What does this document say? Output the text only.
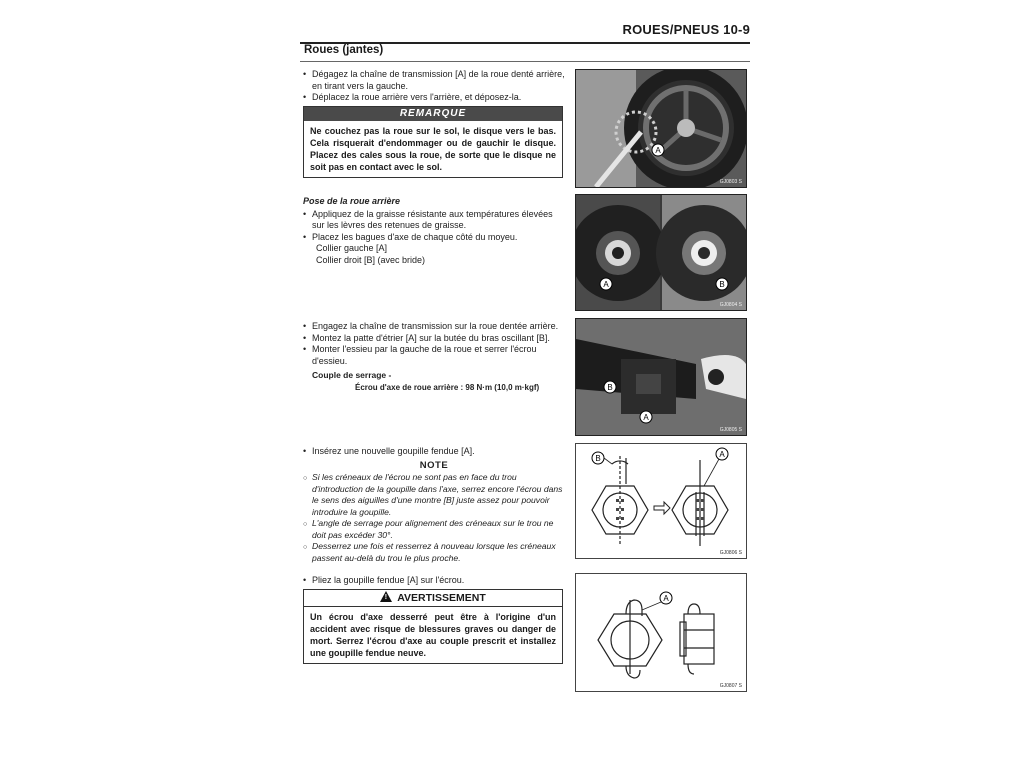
ROUES/PNEUS 10-9
Roues (jantes)
• Dégagez la chaîne de transmission [A] de la roue denté arrière, en tirant vers la gauche.
• Déplacez la roue arrière vers l'arrière, et déposez-la.
REMARQUE
Ne couchez pas la roue sur le sol, le disque vers le bas. Cela risquerait d'endommager ou de gauchir le disque. Placez des cales sous la roue, de sorte que le disque ne soit pas en contact avec le sol.
A
GJ0803 S
Pose de la roue arrière
• Appliquez de la graisse résistante aux températures élevées sur les lèvres des retenues de graisse.
• Placez les bagues d'axe de chaque côté du moyeu.
Collier gauche [A]
Collier droit [B] (avec bride)
A	B
GJ0804 S
• Engagez la chaîne de transmission sur la roue dentée arrière.
• Montez la patte d'étrier [A] sur la butée du bras oscillant [B].
• Monter l'essieu par la gauche de la roue et serrer l'écrou d'essieu.
Couple de serrage -
Écrou d'axe de roue arrière : 98 N·m (10,0 m·kgf)	B
A
GJ0805 S
• Insérez une nouvelle goupille fendue [A].
NOTE
○ Si les créneaux de l'écrou ne sont pas en face du trou d'introduction de la goupille dans l'axe, serrez encore l'écrou dans le sens des aiguilles d'une montre [B] juste assez pour pouvoir introduire la goupille.
○ L'angle de serrage pour alignement des créneaux sur le trou ne doit pas excéder 30°.
○ Desserrez une fois et resserrez à nouveau lorsque les créneaux passent au-delà du trou le plus proche.
B	A
GJ0806 S
• Pliez la goupille fendue [A] sur l'écrou.
! AVERTISSEMENT
Un écrou d'axe desserré peut être à l'origine d'un accident avec risque de blessures graves ou danger de mort. Serrez l'écrou d'axe au couple prescrit et installez une goupille fendue neuve.
A
GJ0807 S
